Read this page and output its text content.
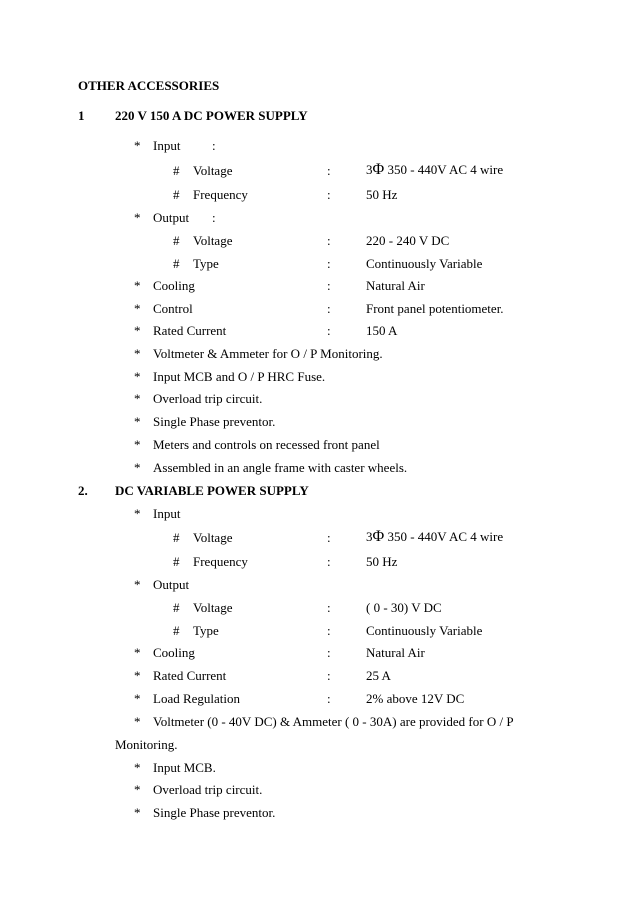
OTHER ACCESSORIES
1 220 V 150 A DC POWER SUPPLY
* Input :
# Voltage	:	3Φ 350 - 440V AC 4 wire
# Frequency	:	50 Hz
* Output :
# Voltage	:	220 - 240 V DC
# Type	:	Continuously Variable
* Cooling	:	Natural Air
* Control	:	Front panel potentiometer.
* Rated Current	:	150 A
* Voltmeter & Ammeter for O / P Monitoring.
* Input MCB and O / P HRC Fuse.
* Overload trip circuit.
* Single Phase preventor.
* Meters and controls on recessed front panel
* Assembled in an angle frame with caster wheels.
2. DC VARIABLE POWER SUPPLY
* Input
# Voltage	:	3Φ 350 - 440V AC 4 wire
# Frequency	:	50 Hz
* Output
# Voltage	:	( 0 - 30) V DC
# Type	:	Continuously Variable
* Cooling	:	Natural Air
* Rated Current	:	25 A
* Load Regulation	:	2% above 12V DC
* Voltmeter (0 - 40V DC) & Ammeter ( 0 - 30A) are provided for O / P
Monitoring.
* Input MCB.
* Overload trip circuit.
* Single Phase preventor.
